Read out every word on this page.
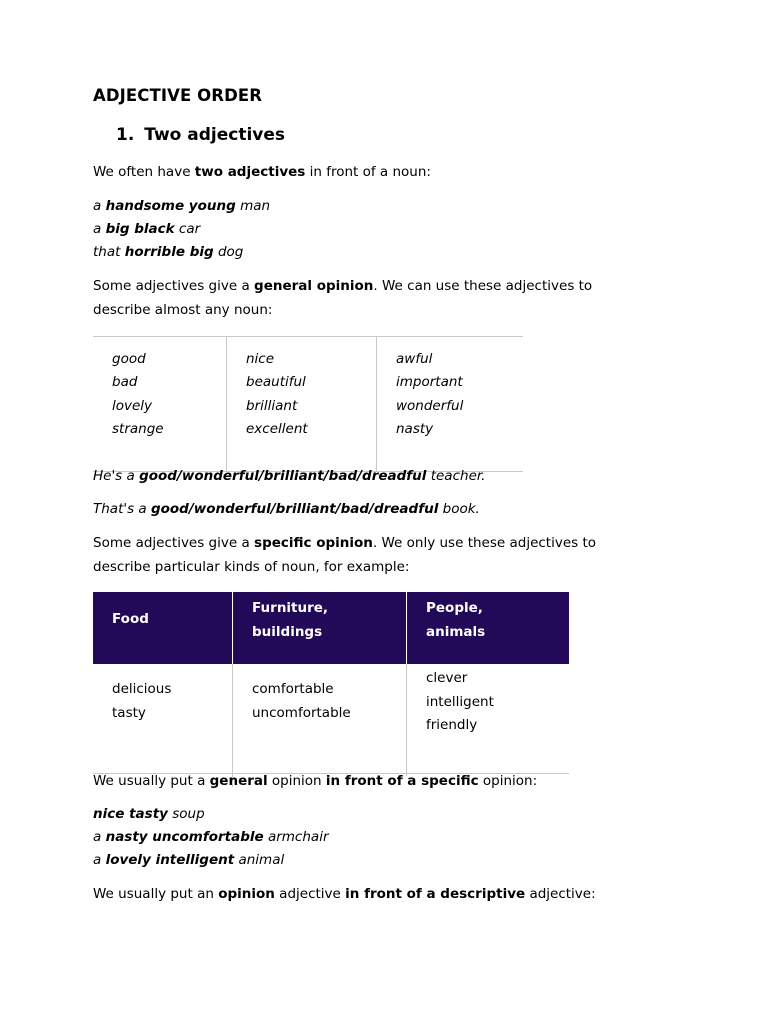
ADJECTIVE ORDER
1. Two adjectives
We often have two adjectives in front of a noun:
a handsome young man
a big black car
that horrible big dog
Some adjectives give a general opinion. We can use these adjectives to
describe almost any noun:
good
bad
lovely
strange
nice
beautiful
brilliant
excellent
awful
important
wonderful
nasty
He's a good/wonderful/brilliant/bad/dreadful teacher.
That's a good/wonderful/brilliant/bad/dreadful book.
Some adjectives give a specific opinion. We only use these adjectives to
describe particular kinds of noun, for example:
Food
Furniture,
buildings
People,
animals
delicious
tasty
comfortable
uncomfortable
clever
intelligent
friendly
We usually put a general opinion in front of a specific opinion:
nice tasty soup
a nasty uncomfortable armchair
a lovely intelligent animal
We usually put an opinion adjective in front of a descriptive adjective:
